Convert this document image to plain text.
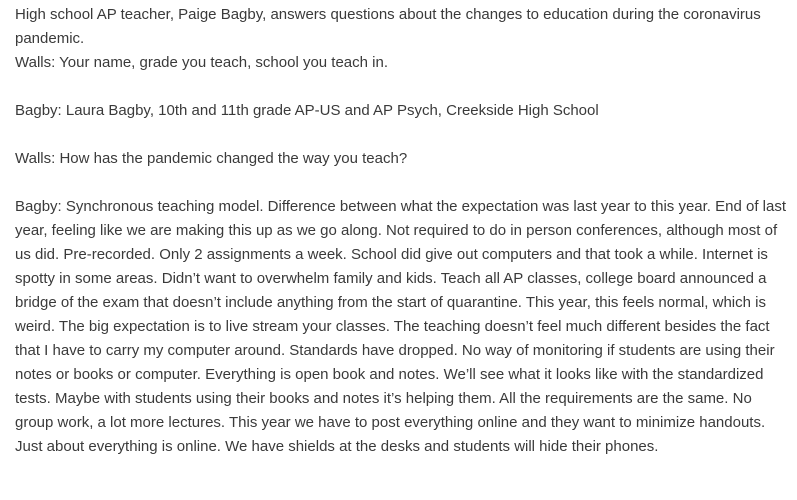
High school AP teacher, Paige Bagby, answers questions about the changes to education during the coronavirus pandemic.

Walls: Your name, grade you teach, school you teach in.

Bagby: Laura Bagby, 10th and 11th grade AP-US and AP Psych, Creekside High School

Walls: How has the pandemic changed the way you teach?

Bagby: Synchronous teaching model. Difference between what the expectation was last year to this year. End of last year, feeling like we are making this up as we go along. Not required to do in person conferences, although most of us did. Pre-recorded. Only 2 assignments a week. School did give out computers and that took a while. Internet is spotty in some areas. Didn’t want to overwhelm family and kids. Teach all AP classes, college board announced a bridge of the exam that doesn’t include anything from the start of quarantine. This year, this feels normal, which is weird. The big expectation is to live stream your classes. The teaching doesn’t feel much different besides the fact that I have to carry my computer around. Standards have dropped. No way of monitoring if students are using their notes or books or computer. Everything is open book and notes. We’ll see what it looks like with the standardized tests. Maybe with students using their books and notes it’s helping them. All the requirements are the same. No group work, a lot more lectures. This year we have to post everything online and they want to minimize handouts. Just about everything is online. We have shields at the desks and students will hide their phones.
